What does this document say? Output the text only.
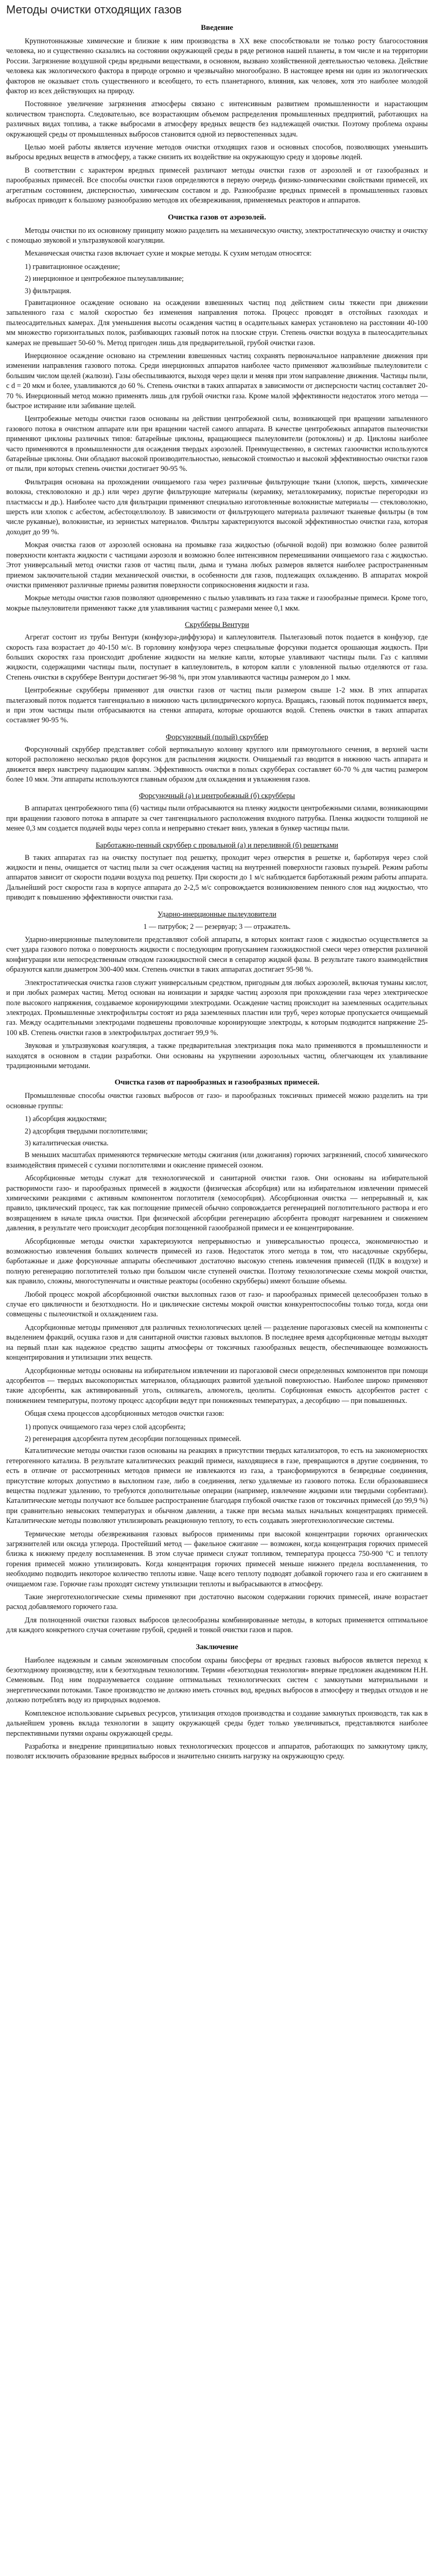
Методы очистки отходящих газов
Введение

Крупнотоннажные химические и близкие к ним производства в ХХ веке способствовали не только росту благосостояния человека, но и существенно сказались на состоянии окружающей среды в ряде регионов нашей планеты, в том числе и на территории России. Загрязнение воздушной среды вредными веществами, в основном, вызвано хозяйственной деятельностью человека. Действие человека как экологического фактора в природе огромно и чрезвычайно многообразно. В настоящее время ни один из экологических факторов не оказывает столь существенного и всеобщего, то есть планетарного, влияния, как человек, хотя это наиболее молодой фактор из всех действующих на природу.

Постоянное увеличение загрязнения атмосферы связано с интенсивным развитием промышленности и нарастающим количеством транспорта. Следовательно, все возрастающим объемом распределения промышленных предприятий, работающих на различных видах топлива, а также выбросами в атмосферу вредных веществ без надлежащей очистки. Поэтому проблема охраны окружающей среды от промышленных выбросов становится одной из первостепенных задач.

Целью моей работы является изучение методов очистки отходящих газов и основных способов, позволяющих уменьшить выбросы вредных веществ в атмосферу, а также снизить их воздействие на окружающую среду и здоровье людей.

В соответствии с характером вредных примесей различают методы очистки газов от аэрозолей и от газообразных и парообразных примесей. Все способы очистки газов определяются в первую очередь физико-химическими свойствами примесей, их агрегатным состоянием, дисперсностью, химическим составом и др. Разнообразие вредных примесей в промышленных газовых выбросах приводит к большому разнообразию методов их обезвреживания, применяемых реакторов и аппаратов.

Очистка газов от аэрозолей.

Методы очистки по их основному принципу можно разделить на механическую очистку, электростатическую очистку и очистку с помощью звуковой и ультразвуковой коагуляции.

Механическая очистка газов включает сухие и мокрые методы. К сухим методам относятся:

1) гравитационное осаждение;
2) инерционное и центробежное пылеулавливание;
3) фильтрация.

Гравитационное осаждение основано на осаждении взвешенных частиц под действием силы тяжести при движении запыленного газа с малой скоростью без изменения направления потока. Процесс проводят в отстойных газоходах и пылеосадительных камерах. Для уменьшения высоты осаждения частиц в осадительных камерах установлено на расстоянии 40-100 мм множество горизонтальных полок, разбивающих газовый поток на плоские струи. Степень очистки воздуха в пылеосадительных камерах не превышает 50-60 %. Метод пригоден лишь для предварительной, грубой очистки газов.

Инерционное осаждение основано на стремлении взвешенных частиц сохранять первоначальное направление движения при изменении направления газового потока. Среди инерционных аппаратов наиболее часто применяют жалюзийные пылеуловители с большим числом щелей (жалюзи). Газы обеспыливаются, выходя через щели и меняя при этом направление движения. Частицы пыли, с d = 20 мкм и более, улавливаются до 60 %. Степень очистки в таких аппаратах в зависимости от дисперсности частиц составляет 20-70 %. Инерционный метод можно применять лишь для грубой очистки газа. Кроме малой эффективности недостаток этого метода — быстрое истирание или забивание щелей.

Центробежные методы очистки газов основаны на действии центробежной силы, возникающей при вращении запыленного газового потока в очистном аппарате или при вращении частей самого аппарата. В качестве центробежных аппаратов пылеочистки применяют циклоны различных типов: батарейные циклоны, вращающиеся пылеуловители (ротоклоны) и др. Циклоны наиболее часто применяются в промышленности для осаждения твердых аэрозолей. Преимущественно, в системах газоочистки используются батарейные циклоны. Они обладают высокой производительностью, невысокой стоимостью и высокой эффективностью очистки газов от пыли, при которых степень очистки достигает 90-95 %.

Фильтрация основана на прохождении очищаемого газа через различные фильтрующие ткани (хлопок, шерсть, химические волокна, стекловолокно и др.) или через другие фильтрующие материалы (керамику, металлокерамику, пористые перегородки из пластмассы и др.). Наиболее часто для фильтрации применяют специально изготовленные волокнистые материалы — стекловолокно, шерсть или хлопок с асбестом, асбестоцеллюлозу. В зависимости от фильтрующего материала различают тканевые фильтры (в том числе рукавные), волокнистые, из зернистых материалов. Фильтры характеризуются высокой эффективностью очистки газа, которая доходит до 99 %.

Мокрая очистка газов от аэрозолей основана на промывке газа жидкостью (обычной водой) при возможно более развитой поверхности контакта жидкости с частицами аэрозоля и возможно более интенсивном перемешивании очищаемого газа с жидкостью. Этот универсальный метод очистки газов от частиц пыли, дыма и тумана любых размеров является наиболее распространенным приемом заключительной стадии механической очистки, в особенности для газов, подлежащих охлаждению. В аппаратах мокрой очистки применяют различные приемы развития поверхности соприкосновения жидкости и газа.

Мокрые методы очистки газов позволяют одновременно с пылью улавливать из газа также и газообразные примеси. Кроме того, мокрые пылеуловители применяют также для улавливания частиц с размерами менее 0,1 мкм.

Скрубберы Вентури

Агрегат состоит из трубы Вентури (конфузора-диффузора) и каплеуловителя. Пылегазовый поток подается в конфузор, где скорость газа возрастает до 40-150 м/с. В горловину конфузора через специальные форсунки подается орошающая жидкость. При больших скоростях газа происходит дробление жидкости на мелкие капли, которые улавливают частицы пыли. Газ с каплями жидкости, содержащими частицы пыли, поступает в каплеуловитель, в котором капли с уловленной пылью отделяются от газа. Степень очистки в скруббере Вентури достигает 96-98 %, при этом улавливаются частицы размером до 1 мкм.

Центробежные скрубберы применяют для очистки газов от частиц пыли размером свыше 1-2 мкм. В этих аппаратах пылегазовый поток подается тангенциально в нижнюю часть цилиндрического корпуса. Вращаясь, газовый поток поднимается вверх, и при этом частицы пыли отбрасываются на стенки аппарата, которые орошаются водой. Степень очистки в таких аппаратах составляет 90-95 %.

Форсуночный (полый) скруббер

Форсуночный скруббер представляет собой вертикальную колонну круглого или прямоугольного сечения, в верхней части которой расположено несколько рядов форсунок для распыления жидкости. Очищаемый газ вводится в нижнюю часть аппарата и движется вверх навстречу падающим каплям. Эффективность очистки в полых скрубберах составляет 60-70 % для частиц размером более 10 мкм. Эти аппараты используются главным образом для охлаждения и увлажнения газов.

Форсуночный (а) и центробежный (б) скрубберы

В аппаратах центробежного типа (б) частицы пыли отбрасываются на пленку жидкости центробежными силами, возникающими при вращении газового потока в аппарате за счет тангенциального расположения входного патрубка. Пленка жидкости толщиной не менее 0,3 мм создается подачей воды через сопла и непрерывно стекает вниз, увлекая в бункер частицы пыли.

Барботажно-пенный скруббер с провальной (а) и переливной (б) решетками

В таких аппаратах газ на очистку поступает под решетку, проходит через отверстия в решетке и, барботируя через слой жидкости и пены, очищается от частиц пыли за счет осаждения частиц на внутренней поверхности газовых пузырей. Режим работы аппаратов зависит от скорости подачи воздуха под решетку. При скорости до 1 м/с наблюдается барботажный режим работы аппарата. Дальнейший рост скорости газа в корпусе аппарата до 2-2,5 м/с сопровождается возникновением пенного слоя над жидкостью, что приводит к повышению эффективности очистки газа.

Ударно-инерционные пылеуловители

1 — патрубок; 2 — резервуар; 3 — отражатель.

Ударно-инерционные пылеуловители представляют собой аппараты, в которых контакт газов с жидкостью осуществляется за счет удара газового потока о поверхность жидкости с последующим пропусканием газожидкостной смеси через отверстия различной конфигурации или непосредственным отводом газожидкостной смеси в сепаратор жидкой фазы. В результате такого взаимодействия образуются капли диаметром 300-400 мкм. Степень очистки в таких аппаратах достигает 95-98 %.

Электростатическая очистка газов служит универсальным средством, пригодным для любых аэрозолей, включая туманы кислот, и при любых размерах частиц. Метод основан на ионизации и зарядке частиц аэрозоля при прохождении газа через электрическое поле высокого напряжения, создаваемое коронирующими электродами. Осаждение частиц происходит на заземленных осадительных электродах. Промышленные электрофильтры состоят из ряда заземленных пластин или труб, через которые пропускается очищаемый газ. Между осадительными электродами подвешены проволочные коронирующие электроды, к которым подводится напряжение 25-100 кВ. Степень очистки газов в электрофильтрах достигает 99,9 %.

Звуковая и ультразвуковая коагуляция, а также предварительная электризация пока мало применяются в промышленности и находятся в основном в стадии разработки. Они основаны на укрупнении аэрозольных частиц, облегчающем их улавливание традиционными методами.

Очистка газов от парообразных и газообразных примесей.

Промышленные способы очистки газовых выбросов от газо- и парообразных токсичных примесей можно разделить на три основные группы:

1) абсорбция жидкостями;
2) адсорбция твердыми поглотителями;
3) каталитическая очистка.

В меньших масштабах применяются термические методы сжигания (или дожигания) горючих загрязнений, способ химического взаимодействия примесей с сухими поглотителями и окисление примесей озоном.

Абсорбционные методы служат для технологической и санитарной очистки газов. Они основаны на избирательной растворимости газо- и парообразных примесей в жидкости (физическая абсорбция) или на избирательном извлечении примесей химическими реакциями с активным компонентом поглотителя (хемосорбция). Абсорбционная очистка — непрерывный и, как правило, циклический процесс, так как поглощение примесей обычно сопровождается регенерацией поглотительного раствора и его возвращением в начале цикла очистки. При физической абсорбции регенерацию абсорбента проводят нагреванием и снижением давления, в результате чего происходит десорбция поглощенной газообразной примеси и ее концентрирование.

Абсорбционные методы очистки характеризуются непрерывностью и универсальностью процесса, экономичностью и возможностью извлечения больших количеств примесей из газов. Недостаток этого метода в том, что насадочные скрубберы, барботажные и даже форсуночные аппараты обеспечивают достаточно высокую степень извлечения примесей (ПДК в воздухе) и полную регенерацию поглотителей только при большом числе ступеней очистки. Поэтому технологические схемы мокрой очистки, как правило, сложны, многоступенчаты и очистные реакторы (особенно скрубберы) имеют большие объемы.

Любой процесс мокрой абсорбционной очистки выхлопных газов от газо- и парообразных примесей целесообразен только в случае его цикличности и безотходности. Но и циклические системы мокрой очистки конкурентоспособны только тогда, когда они совмещены с пылеочисткой и охлаждением газа.

Адсорбционные методы применяют для различных технологических целей — разделение парогазовых смесей на компоненты с выделением фракций, осушка газов и для санитарной очистки газовых выхлопов. В последнее время адсорбционные методы выходят на первый план как надежное средство защиты атмосферы от токсичных газообразных веществ, обеспечивающее возможность концентрирования и утилизации этих веществ.

Адсорбционные методы основаны на избирательном извлечении из парогазовой смеси определенных компонентов при помощи адсорбентов — твердых высокопористых материалов, обладающих развитой удельной поверхностью. Наиболее широко применяют такие адсорбенты, как активированный уголь, силикагель, алюмогель, цеолиты. Сорбционная емкость адсорбентов растет с понижением температуры, поэтому процесс адсорбции ведут при пониженных температурах, а десорбцию — при повышенных.

Общая схема процессов адсорбционных методов очистки газов:

1) пропуск очищаемого газа через слой адсорбента;
2) регенерация адсорбента путем десорбции поглощенных примесей.

Каталитические методы очистки газов основаны на реакциях в присутствии твердых катализаторов, то есть на закономерностях гетерогенного катализа. В результате каталитических реакций примеси, находящиеся в газе, превращаются в другие соединения, то есть в отличие от рассмотренных методов примеси не извлекаются из газа, а трансформируются в безвредные соединения, присутствие которых допустимо в выхлопном газе, либо в соединения, легко удаляемые из газового потока. Если образовавшиеся вещества подлежат удалению, то требуются дополнительные операции (например, извлечение жидкими или твердыми сорбентами). Каталитические методы получают все большее распространение благодаря глубокой очистке газов от токсичных примесей (до 99,9 %) при сравнительно невысоких температурах и обычном давлении, а также при весьма малых начальных концентрациях примесей. Каталитические методы позволяют утилизировать реакционную теплоту, то есть создавать энерготехнологические системы.

Термические методы обезвреживания газовых выбросов применимы при высокой концентрации горючих органических загрязнителей или оксида углерода. Простейший метод — факельное сжигание — возможен, когда концентрация горючих примесей близка к нижнему пределу воспламенения. В этом случае примеси служат топливом, температура процесса 750-900 °С и теплоту горения примесей можно утилизировать. Когда концентрация горючих примесей меньше нижнего предела воспламенения, то необходимо подводить некоторое количество теплоты извне. Чаще всего теплоту подводят добавкой горючего газа и его сжиганием в очищаемом газе. Горючие газы проходят систему утилизации теплоты и выбрасываются в атмосферу.

Такие энерготехнологические схемы применяют при достаточно высоком содержании горючих примесей, иначе возрастает расход добавляемого горючего газа.

Для полноценной очистки газовых выбросов целесообразны комбинированные методы, в которых применяется оптимальное для каждого конкретного случая сочетание грубой, средней и тонкой очистки газов и паров.

Заключение

Наиболее надежным и самым экономичным способом охраны биосферы от вредных газовых выбросов является переход к безотходному производству, или к безотходным технологиям. Термин «безотходная технология» впервые предложен академиком Н.Н. Семеновым. Под ним подразумевается создание оптимальных технологических систем с замкнутыми материальными и энергетическими потоками. Такое производство не должно иметь сточных вод, вредных выбросов в атмосферу и твердых отходов и не должно потреблять воду из природных водоемов.

Комплексное использование сырьевых ресурсов, утилизация отходов производства и создание замкнутых производств, так как в дальнейшем уровень вклада технологии в защиту окружающей среды будет только увеличиваться, представляются наиболее перспективными путями охраны окружающей среды.

Разработка и внедрение принципиально новых технологических процессов и аппаратов, работающих по замкнутому циклу, позволят исключить образование вредных выбросов и значительно снизить нагрузку на окружающую среду.
